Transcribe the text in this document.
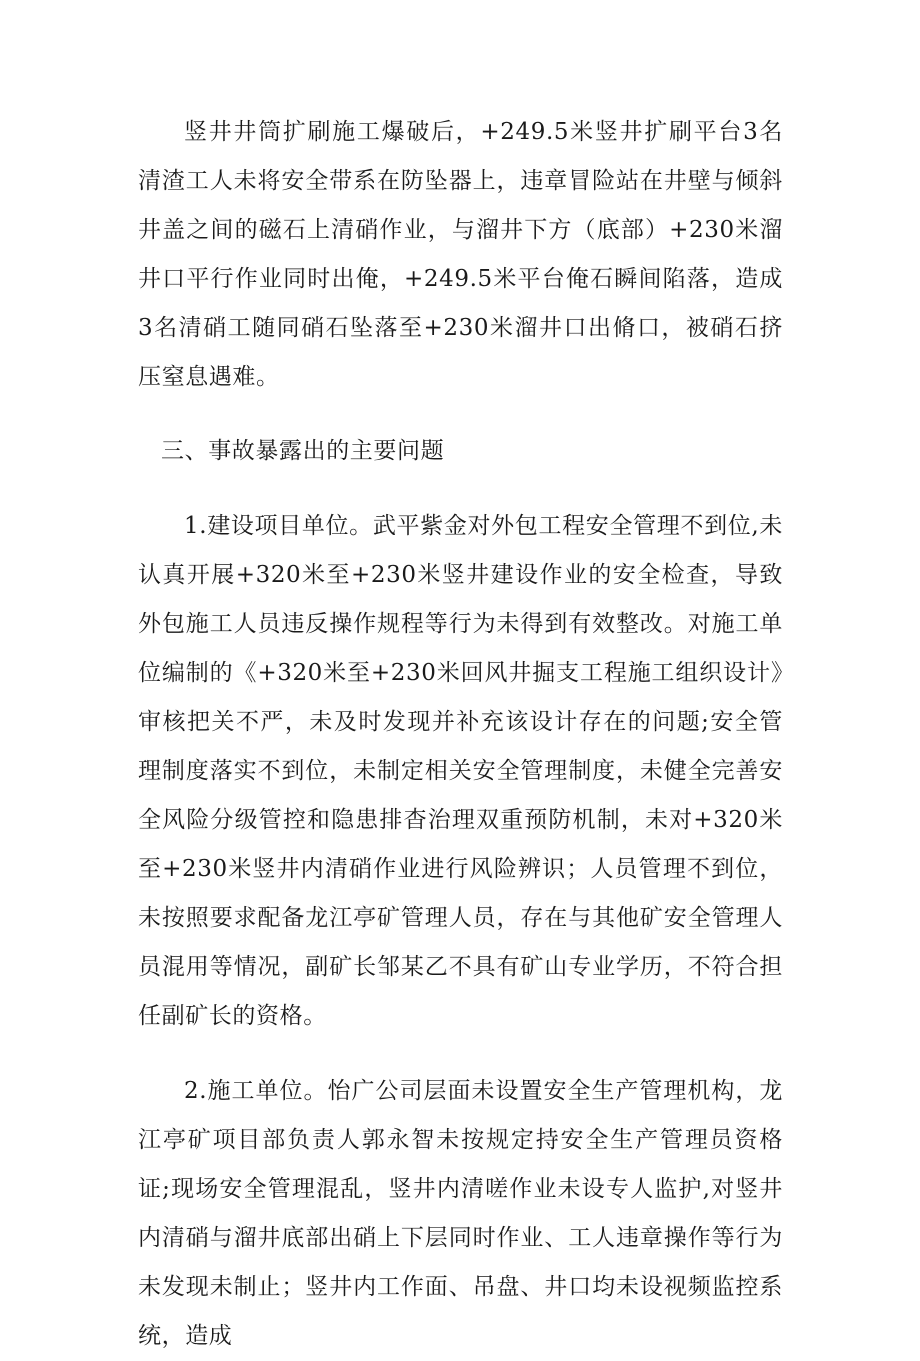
竖井井筒扩刷施工爆破后，+249.5米竖井扩刷平台3名清渣工人未将安全带系在防坠器上，违章冒险站在井壁与倾斜井盖之间的磁石上清硝作业，与溜井下方（底部）+230米溜井口平行作业同时出俺，+249.5米平台俺石瞬间陷落，造成3名清硝工随同硝石坠落至+230米溜井口出脩口，被硝石挤压窒息遇难。

三、事故暴露出的主要问题

1.建设项目单位。武平紫金对外包工程安全管理不到位,未认真开展+320米至+230米竖井建设作业的安全检查，导致外包施工人员违反操作规程等行为未得到有效整改。对施工单位编制的《+320米至+230米回风井掘支工程施工组织设计》审核把关不严，未及时发现并补充该设计存在的问题;安全管理制度落实不到位，未制定相关安全管理制度，未健全完善安全风险分级管控和隐患排杳治理双重预防机制，未对+320米至+230米竖井内清硝作业进行风险辨识；人员管理不到位，未按照要求配备龙江亭矿管理人员，存在与其他矿安全管理人员混用等情况，副矿长邹某乙不具有矿山专业学历，不符合担任副矿长的资格。

2.施工单位。怡广公司层面未设置安全生产管理机构，龙江亭矿项目部负责人郭永智未按规定持安全生产管理员资格证;现场安全管理混乱，竖井内清嗟作业未设专人监护,对竖井内清硝与溜井底部出硝上下层同时作业、工人违章操作等行为未发现未制止；竖井内工作面、吊盘、井口均未设视频监控系统，造成
